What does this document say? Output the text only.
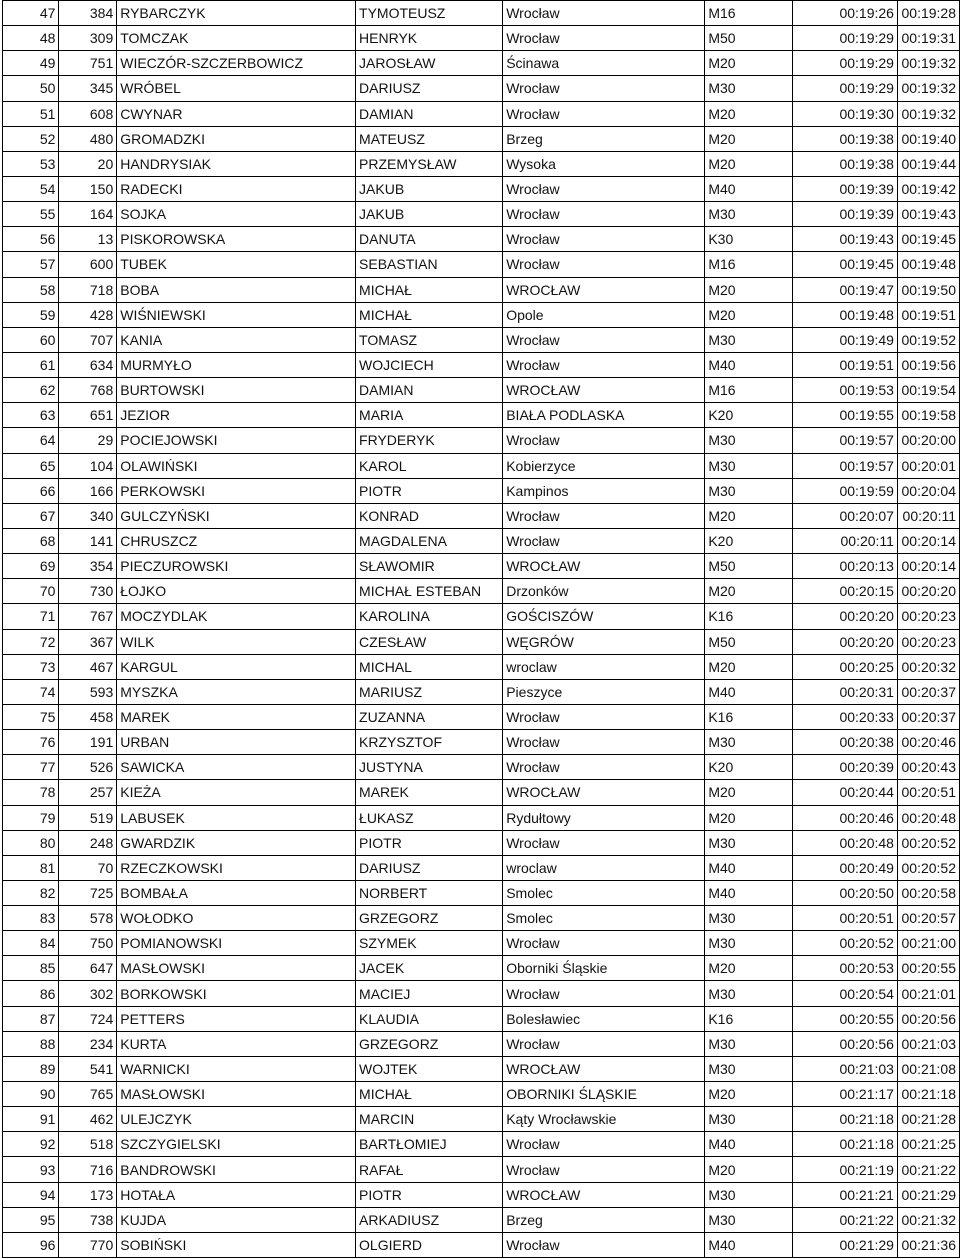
47	384	RYBARCZYK	TYMOTEUSZ	Wrocław	M16	00:19:26	00:19:28
48	309	TOMCZAK	HENRYK	Wrocław	M50	00:19:29	00:19:31
49	751	WIECZÓR-SZCZERBOWICZ	JAROSŁAW	Ścinawa	M20	00:19:29	00:19:32
50	345	WRÓBEL	DARIUSZ	Wrocław	M30	00:19:29	00:19:32
51	608	CWYNAR	DAMIAN	Wrocław	M20	00:19:30	00:19:32
52	480	GROMADZKI	MATEUSZ	Brzeg	M20	00:19:38	00:19:40
53	20	HANDRYSIAK	PRZEMYSŁAW	Wysoka	M20	00:19:38	00:19:44
54	150	RADECKI	JAKUB	Wrocław	M40	00:19:39	00:19:42
55	164	SOJKA	JAKUB	Wrocław	M30	00:19:39	00:19:43
56	13	PISKOROWSKA	DANUTA	Wrocław	K30	00:19:43	00:19:45
57	600	TUBEK	SEBASTIAN	Wrocław	M16	00:19:45	00:19:48
58	718	BOBA	MICHAŁ	WROCŁAW	M20	00:19:47	00:19:50
59	428	WIŚNIEWSKI	MICHAŁ	Opole	M20	00:19:48	00:19:51
60	707	KANIA	TOMASZ	Wrocław	M30	00:19:49	00:19:52
61	634	MURMYŁO	WOJCIECH	Wrocław	M40	00:19:51	00:19:56
62	768	BURTOWSKI	DAMIAN	WROCŁAW	M16	00:19:53	00:19:54
63	651	JEZIOR	MARIA	BIAŁA PODLASKA	K20	00:19:55	00:19:58
64	29	POCIEJOWSKI	FRYDERYK	Wrocław	M30	00:19:57	00:20:00
65	104	OLAWIŃSKI	KAROL	Kobierzyce	M30	00:19:57	00:20:01
66	166	PERKOWSKI	PIOTR	Kampinos	M30	00:19:59	00:20:04
67	340	GULCZYŃSKI	KONRAD	Wrocław	M20	00:20:07	00:20:11
68	141	CHRUSZCZ	MAGDALENA	Wrocław	K20	00:20:11	00:20:14
69	354	PIECZUROWSKI	SŁAWOMIR	WROCŁAW	M50	00:20:13	00:20:14
70	730	ŁOJKO	MICHAŁ ESTEBAN	Drzonków	M20	00:20:15	00:20:20
71	767	MOCZYDLAK	KAROLINA	GOŚCISZÓW	K16	00:20:20	00:20:23
72	367	WILK	CZESŁAW	WĘGRÓW	M50	00:20:20	00:20:23
73	467	KARGUL	MICHAL	wroclaw	M20	00:20:25	00:20:32
74	593	MYSZKA	MARIUSZ	Pieszyce	M40	00:20:31	00:20:37
75	458	MAREK	ZUZANNA	Wrocław	K16	00:20:33	00:20:37
76	191	URBAN	KRZYSZTOF	Wrocław	M30	00:20:38	00:20:46
77	526	SAWICKA	JUSTYNA	Wrocław	K20	00:20:39	00:20:43
78	257	KIEŻA	MAREK	WROCŁAW	M20	00:20:44	00:20:51
79	519	LABUSEK	ŁUKASZ	Rydułtowy	M20	00:20:46	00:20:48
80	248	GWARDZIK	PIOTR	Wrocław	M30	00:20:48	00:20:52
81	70	RZECZKOWSKI	DARIUSZ	wroclaw	M40	00:20:49	00:20:52
82	725	BOMBAŁA	NORBERT	Smolec	M40	00:20:50	00:20:58
83	578	WOŁODKO	GRZEGORZ	Smolec	M30	00:20:51	00:20:57
84	750	POMIANOWSKI	SZYMEK	Wrocław	M30	00:20:52	00:21:00
85	647	MASŁOWSKI	JACEK	Oborniki Śląskie	M20	00:20:53	00:20:55
86	302	BORKOWSKI	MACIEJ	Wrocław	M30	00:20:54	00:21:01
87	724	PETTERS	KLAUDIA	Bolesławiec	K16	00:20:55	00:20:56
88	234	KURTA	GRZEGORZ	Wrocław	M30	00:20:56	00:21:03
89	541	WARNICKI	WOJTEK	WROCŁAW	M30	00:21:03	00:21:08
90	765	MASŁOWSKI	MICHAŁ	OBORNIKI ŚLĄSKIE	M20	00:21:17	00:21:18
91	462	ULEJCZYK	MARCIN	Kąty Wrocławskie	M30	00:21:18	00:21:28
92	518	SZCZYGIELSKI	BARTŁOMIEJ	Wrocław	M40	00:21:18	00:21:25
93	716	BANDROWSKI	RAFAŁ	Wrocław	M20	00:21:19	00:21:22
94	173	HOTAŁA	PIOTR	WROCŁAW	M30	00:21:21	00:21:29
95	738	KUJDA	ARKADIUSZ	Brzeg	M30	00:21:22	00:21:32
96	770	SOBIŃSKI	OLGIERD	Wrocław	M40	00:21:29	00:21:36
